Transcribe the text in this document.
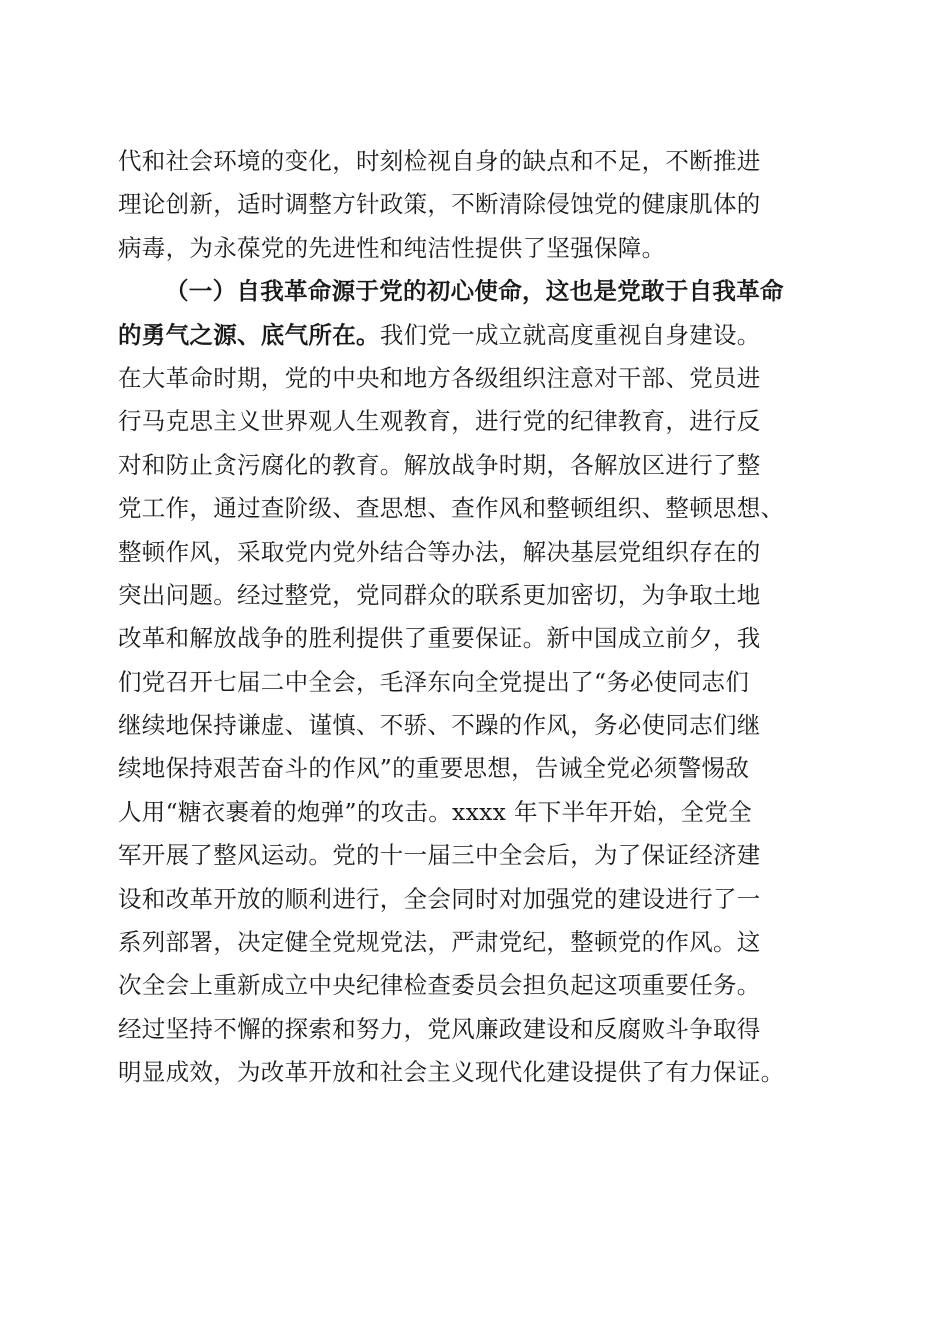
代和社会环境的变化，时刻检视自身的缺点和不足，不断推进
理论创新，适时调整方针政策，不断清除侵蚀党的健康肌体的
病毒，为永葆党的先进性和纯洁性提供了坚强保障。
（一）自我革命源于党的初心使命，这也是党敢于自我革命
的勇气之源、底气所在。我们党一成立就高度重视自身建设。
在大革命时期，党的中央和地方各级组织注意对干部、党员进
行马克思主义世界观人生观教育，进行党的纪律教育，进行反
对和防止贪污腐化的教育。解放战争时期，各解放区进行了整
党工作，通过查阶级、查思想、查作风和整顿组织、整顿思想、
整顿作风，采取党内党外结合等办法，解决基层党组织存在的
突出问题。经过整党，党同群众的联系更加密切，为争取土地
改革和解放战争的胜利提供了重要保证。新中国成立前夕，我
们党召开七届二中全会，毛泽东向全党提出了“务必使同志们
继续地保持谦虚、谨慎、不骄、不躁的作风，务必使同志们继
续地保持艰苦奋斗的作风”的重要思想，告诫全党必须警惕敌
人用“糖衣裹着的炮弹”的攻击。xxxx 年下半年开始，全党全
军开展了整风运动。党的十一届三中全会后，为了保证经济建
设和改革开放的顺利进行，全会同时对加强党的建设进行了一
系列部署，决定健全党规党法，严肃党纪，整顿党的作风。这
次全会上重新成立中央纪律检查委员会担负起这项重要任务。
经过坚持不懈的探索和努力，党风廉政建设和反腐败斗争取得
明显成效，为改革开放和社会主义现代化建设提供了有力保证。
